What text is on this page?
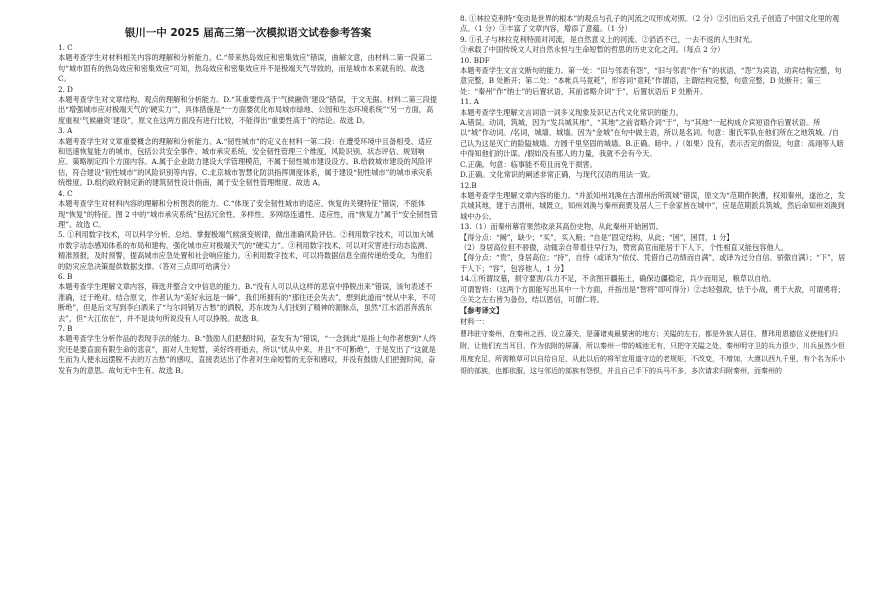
银川一中 2025 届高三第一次模拟语文试卷参考答案
1. C
本题考查学生对材料相关内容的理解和分析能力。C.“带来热岛效应和密集效应”错误，曲解文意，由材料二第一段第二句“城市固有的热岛效应和密集效应”可知，热岛效应和密集效应并不是极端天气导致的，而是城市本来就有的。故选 C。
2. D
本题考查学生对文章结构、观点的理解和分析能力。D.“其重要性高于‘气候融资’建设”错误，于文无据。材料二第三段提出“增强城市应对极端天气的‘硬实力’”，具体措施是“一方面要优化布局城市绿地、公园和生态环境系统”“另一方面，高度重视‘气候融资’建设”，原文在这两方面没有进行比较，不能得出“重要性高于”的结论。故选 D。
3. A
本题考查学生对文章重要概念的理解和分析能力。A.“韧性城市”的定义在材料一第二段：在遭受环境中且备相受、适应和迅速恢复能力的城市，包括公共安全事件、城市承灾系统、安全韧性管理三个维度，风险识别、状态评估、规划响应、策略制定四个方面内容。A.属于企业助力建设大学管理模范，不属于韧性城市建设设方。B.给救城市建设的风险评估，符合建设“韧性城市”的风险识别等内容。C.北京城市智慧化防洪指挥调度体系，属于建设“韧性城市”的城市承灾系统维度。D.组约政府制定新的建筑韧性设计指南，属于安全韧性管理维度。故选 A。
4. C
本题考查学生对材料内容的理解和分析图表的能力。C.“体现了安全韧性城市的适应、恢复的关键特征”错误，不能体现“恢复”的特征。图 2 中的“城市承灾系统”包括冗余性、多样性、多网络连通性、适应性，而“恢复力”属于“安全韧性管理”。故选 C。
5. ①利用数字技术，可以科学分析、总结、掌握极端气候演变规律，做出准确风险评估。②利用数字技术，可以加大城市数字动态感知体系的布局和建构，强化城市应对极端天气的“硬实力”。③利用数字技术，可以对灾害进行动态监测、精准预报，及时预警，提高城市应急处置和社会响应能力。④利用数字技术，可以将数据信息全面传递给受众，为他们的防灾应急决策提供数据支撑。（答对三点即可给满分）
6. B
本题考查学生理解文章内容，筛选并整合文中信息的能力。B.“没有人可以从这样的悲哀中挣脱出来”错误，该句表述不准确，过于绝对。结合原文，作者认为“美好永远是一瞬”，我们所拥有的“那往还会失去”，想到此道而“恍从中来，不可断绝”，但是后文写到李白洒来了“与尔同销万古愁”的洒脱，苏东坡为人们找到了精神的源脉点，虽然“江水滔滔奔流东去”，但“大江依在”，并不是谈句所说没有人可以挣脱。故选 B。
7. B
本题考查学生分析作品的表现手法的能力。B.“鼓励人们把握时间，奋发有为”错误，“一念到此”是指上句作者想到“人终究还是要直面有限生命的悲哀”，面对人生短暂，美好终将逝去，所以“忧从中来，并且“不可断绝”，于是发出了“这就是生而为人便永远摆脱不去的万古愁”的感叹，直接表达出了作者对生命短暂的无奈和感叹，并没有鼓励人们把握时间，奋发有为的意思。故句无中生有。故选 B。
8. ①林拉克利特“变动是世界的根本”的观点与孔子的河流之叹形成对照。（2 分）②引出后文孔子创造了中国文化里的观点。（1 分）③丰富了文章内容，增添了意蕴。（1 分）
9. ①孔子与林拉克利特面对河流，是自然意义上的河流。②滔滔不已，一去不返的人生时光。
③承载了中国传统文人对自然永恒与生命短暂的哲思的历史文化之河。（每点 2 分）
10. BDF
本题考查学生文言文断句的能力。第一处：“旧与邻表有怨”，“旧与邻表”作“有”的状语，“怨”为宾语，动宾结构完整，句意完整，B 处断开；第二处：“本帐兵马竟耗”，形容词“竟耗”作谓语，主谓结构完整，句意完整，D 处断开；第三处：“秦州”作“纳士”的后置状语，其前省略介词“于”，后置状语后 F 处断开。
11. A
本题考查学生理解文言词语一词多义现象及识记古代文化常识的能力。
A.错误。动词，筑城，因为“发兵城其地”，“其地”之前省略介词“于”，与“其地”一起构成介宾短语作后置状语。所以“城”作动词。/名词，城墙、城墙。因为“金城”在句中做主语，所以是名词。句意：谢氏军队在他们所在之地筑城。/自己认为这是灭亡的险隘城墙。方圆千里坚固的城墙。B.正确。暗中。/（如果）没有，表示否定的假设，句意：高翊等人暗中得知他们的计谋。/假如没有那人的力量，我就不会有今天。
C.正确。句意：临事能不苟且而免于损害。
D.正确。文化常识的阐述非常正确，与现代汉语的用法一致。
12.B
本题考查学生理解文章内容的能力。“并派知州刘渙在古渭州治所筑城”错误，原文为“范期作陕漕，权知秦州，遂治之，发兵城其地，建于古渭州，城既立，知州刘渙与秦州商贾及居人三千余家皆在城中”，应是范期派兵筑城，然后命知州刘渙到城中办公。
13.（1）而秦州幕官果然收录其高份史物，从此秦州开始困罚。
【得分点：“阙”，缺少；“买”，买入粮；“自是”固定结构，从此；“困”，困罚，1 分】
（2）身居高位但不骄傲，动辄亲自带着往早行为，赞赏高官而能居于下人下，个性相直又能包容他人。
【得分点：“贵”，身居高位；“持”，自恃（或译为“依仗、凭借自己功绩而自满”，或译为过分自信、骄傲自满）；“下”，居于人下；“容”，包容他人，1 分】
14.①所谓坟墓，损守要害/兵力不足，不贪图开疆拓土，确保边疆稳定，兵少而用足，粮草以自给。
可谓智将：（这两个方面能写出其中一个方面，并指出是“智将”即可得分）②志轻强敌，怯于小战，勇于大敌，可谓勇将；③关之左右皆为备份，结以恩信，可谓仁将。
【参考译文】
材料一：
曹玮驻守秦州，在秦州之西，设立藩关，是藩诸夷最要害的地方；关隘的左右，都是外族人居住，曹玮用恩德信义使他们归附，让他们充当耳目，作为依附的屏藩，所以秦州一带的城池无有，只把守关隘之处，秦州明守卫的兵力很少，川兵虽然少但用度充足，所需粮草可以自给自足，从此以后的将军宜用道守边的老规矩，不改变，不增加，大漠以西九千里，有个名为乐小哥的部族，也都依服，这与邻近的部族有怨恨，并且自己手下的兵马不多，多次请求归附秦州，而秦州的
